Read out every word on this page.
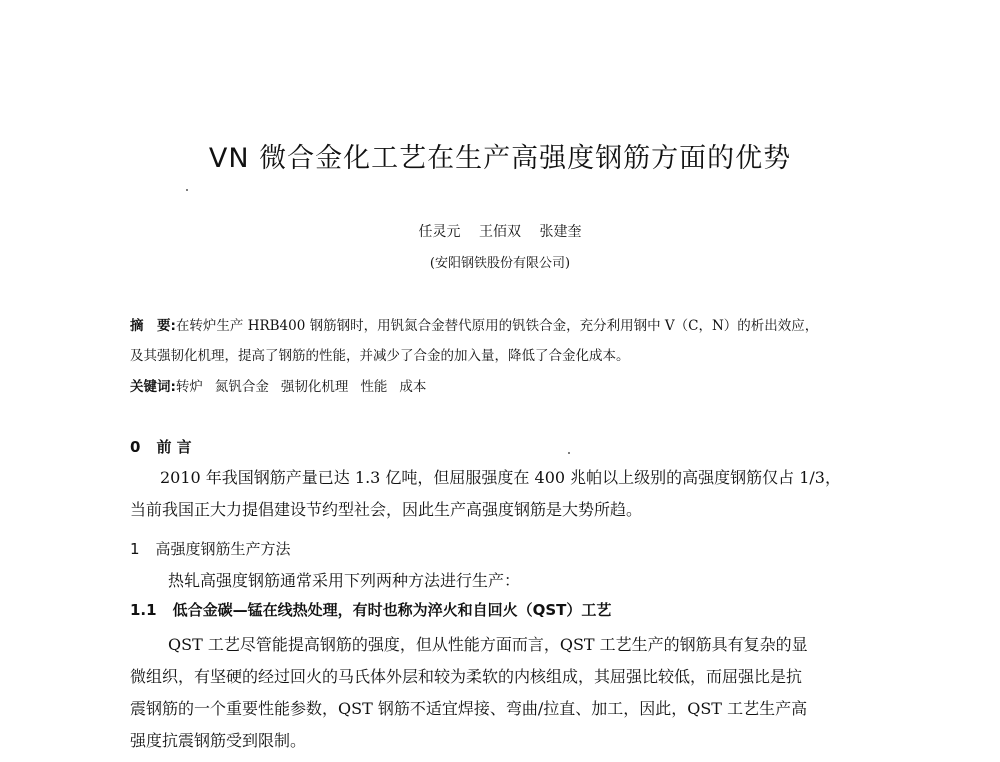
VN 微合金化工艺在生产高强度钢筋方面的优势
任灵元 王佰双 张建奎
(安阳钢铁股份有限公司)
摘　要:在转炉生产 HRB400 钢筋钢时，用钒氮合金替代原用的钒铁合金，充分利用钢中 V（C，N）的析出效应，
及其强韧化机理，提高了钢筋的性能，并减少了合金的加入量，降低了合金化成本。
关键词:转炉 氮钒合金 强韧化机理 性能 成本
0 前 言
2010 年我国钢筋产量已达 1.3 亿吨，但屈服强度在 400 兆帕以上级别的高强度钢筋仅占 1/3，
当前我国正大力提倡建设节约型社会，因此生产高强度钢筋是大势所趋。
1 高强度钢筋生产方法
热轧高强度钢筋通常采用下列两种方法进行生产：
1.1 低合金碳—锰在线热处理，有时也称为淬火和自回火（QST）工艺
QST 工艺尽管能提高钢筋的强度，但从性能方面而言，QST 工艺生产的钢筋具有复杂的显
微组织，有坚硬的经过回火的马氏体外层和较为柔软的内核组成，其屈强比较低，而屈强比是抗
震钢筋的一个重要性能参数，QST 钢筋不适宜焊接、弯曲/拉直、加工，因此，QST 工艺生产高
强度抗震钢筋受到限制。
